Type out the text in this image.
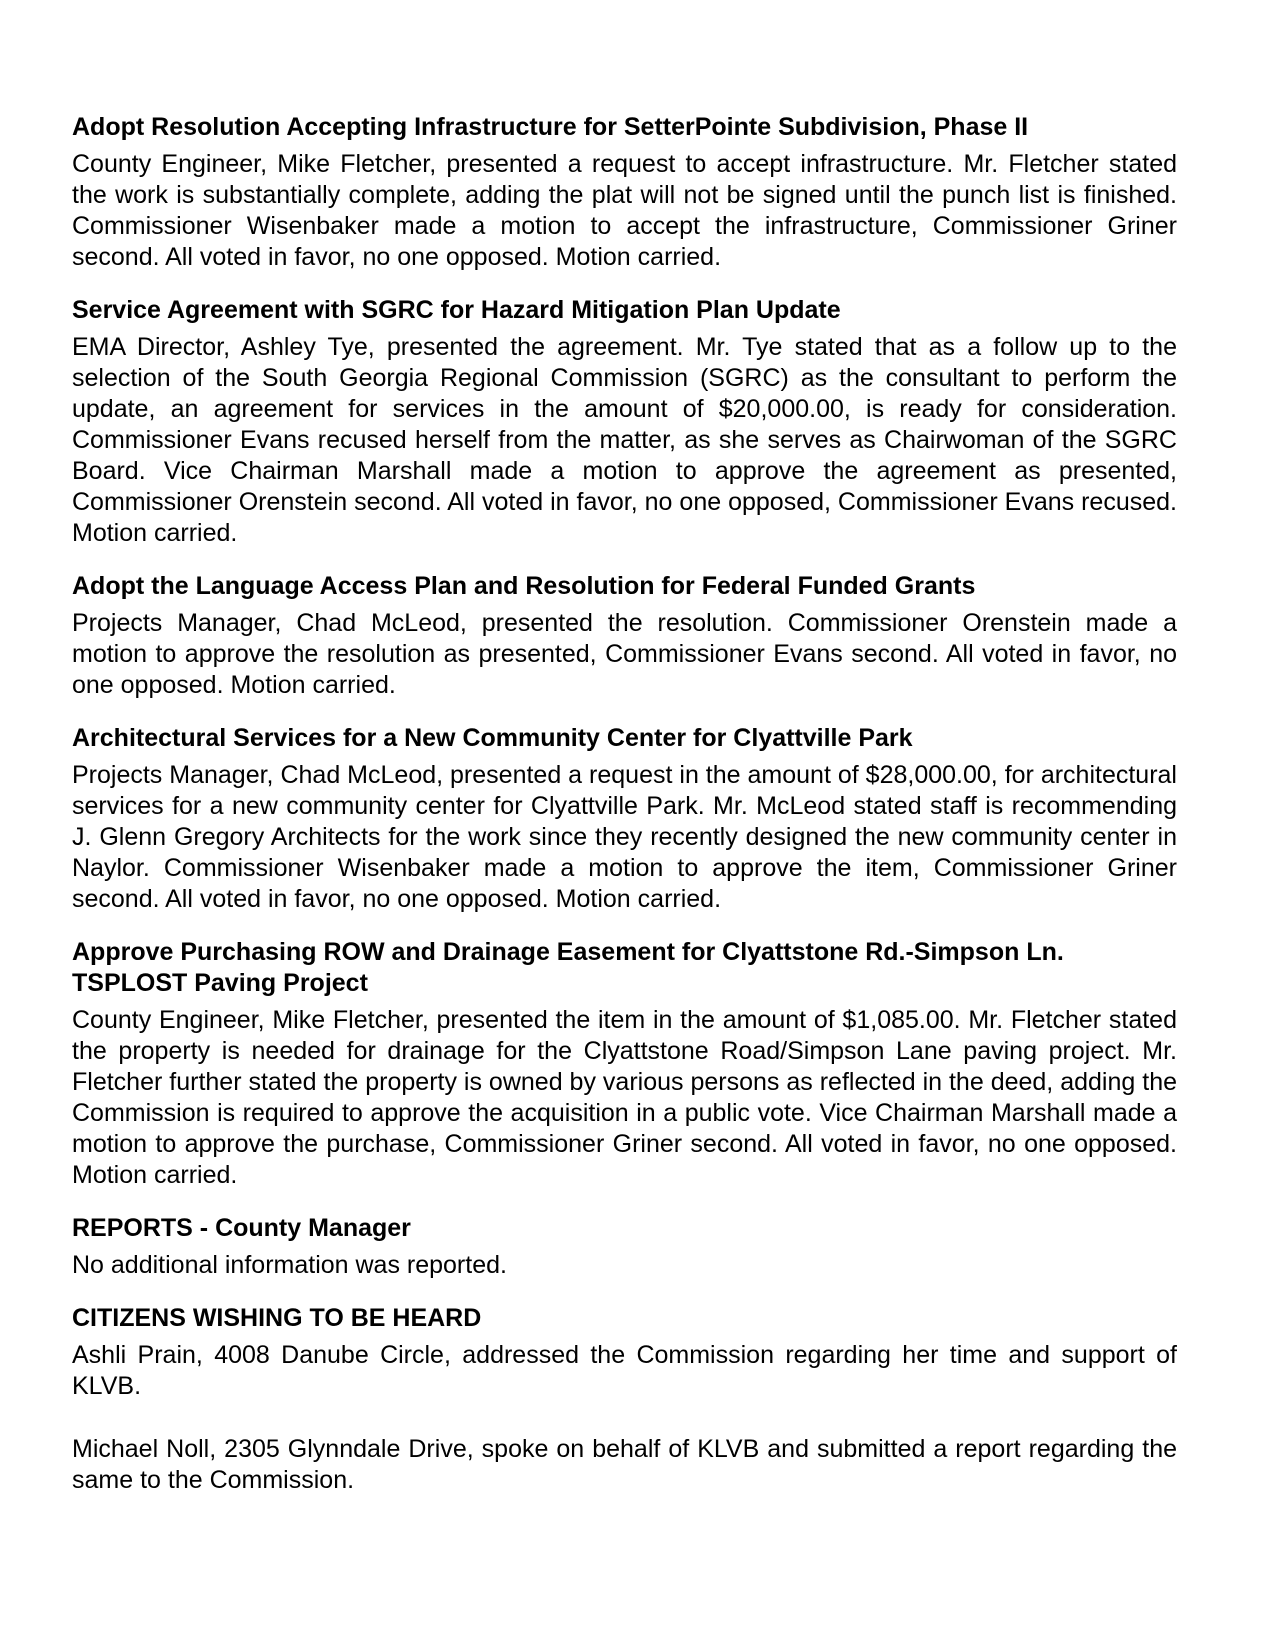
Adopt Resolution Accepting Infrastructure for SetterPointe Subdivision, Phase II

County Engineer, Mike Fletcher, presented a request to accept infrastructure. Mr. Fletcher stated the work is substantially complete, adding the plat will not be signed until the punch list is finished. Commissioner Wisenbaker made a motion to accept the infrastructure, Commissioner Griner second. All voted in favor, no one opposed. Motion carried.

Service Agreement with SGRC for Hazard Mitigation Plan Update

EMA Director, Ashley Tye, presented the agreement. Mr. Tye stated that as a follow up to the selection of the South Georgia Regional Commission (SGRC) as the consultant to perform the update, an agreement for services in the amount of $20,000.00, is ready for consideration. Commissioner Evans recused herself from the matter, as she serves as Chairwoman of the SGRC Board. Vice Chairman Marshall made a motion to approve the agreement as presented, Commissioner Orenstein second. All voted in favor, no one opposed, Commissioner Evans recused. Motion carried.

Adopt the Language Access Plan and Resolution for Federal Funded Grants

Projects Manager, Chad McLeod, presented the resolution. Commissioner Orenstein made a motion to approve the resolution as presented, Commissioner Evans second. All voted in favor, no one opposed. Motion carried.

Architectural Services for a New Community Center for Clyattville Park

Projects Manager, Chad McLeod, presented a request in the amount of $28,000.00, for architectural services for a new community center for Clyattville Park. Mr. McLeod stated staff is recommending J. Glenn Gregory Architects for the work since they recently designed the new community center in Naylor. Commissioner Wisenbaker made a motion to approve the item, Commissioner Griner second. All voted in favor, no one opposed. Motion carried.

Approve Purchasing ROW and Drainage Easement for Clyattstone Rd.-Simpson Ln. TSPLOST Paving Project

County Engineer, Mike Fletcher, presented the item in the amount of $1,085.00. Mr. Fletcher stated the property is needed for drainage for the Clyattstone Road/Simpson Lane paving project. Mr. Fletcher further stated the property is owned by various persons as reflected in the deed, adding the Commission is required to approve the acquisition in a public vote. Vice Chairman Marshall made a motion to approve the purchase, Commissioner Griner second. All voted in favor, no one opposed. Motion carried.

REPORTS - County Manager

No additional information was reported.

CITIZENS WISHING TO BE HEARD

Ashli Prain, 4008 Danube Circle, addressed the Commission regarding her time and support of KLVB.

Michael Noll, 2305 Glynndale Drive, spoke on behalf of KLVB and submitted a report regarding the same to the Commission.
